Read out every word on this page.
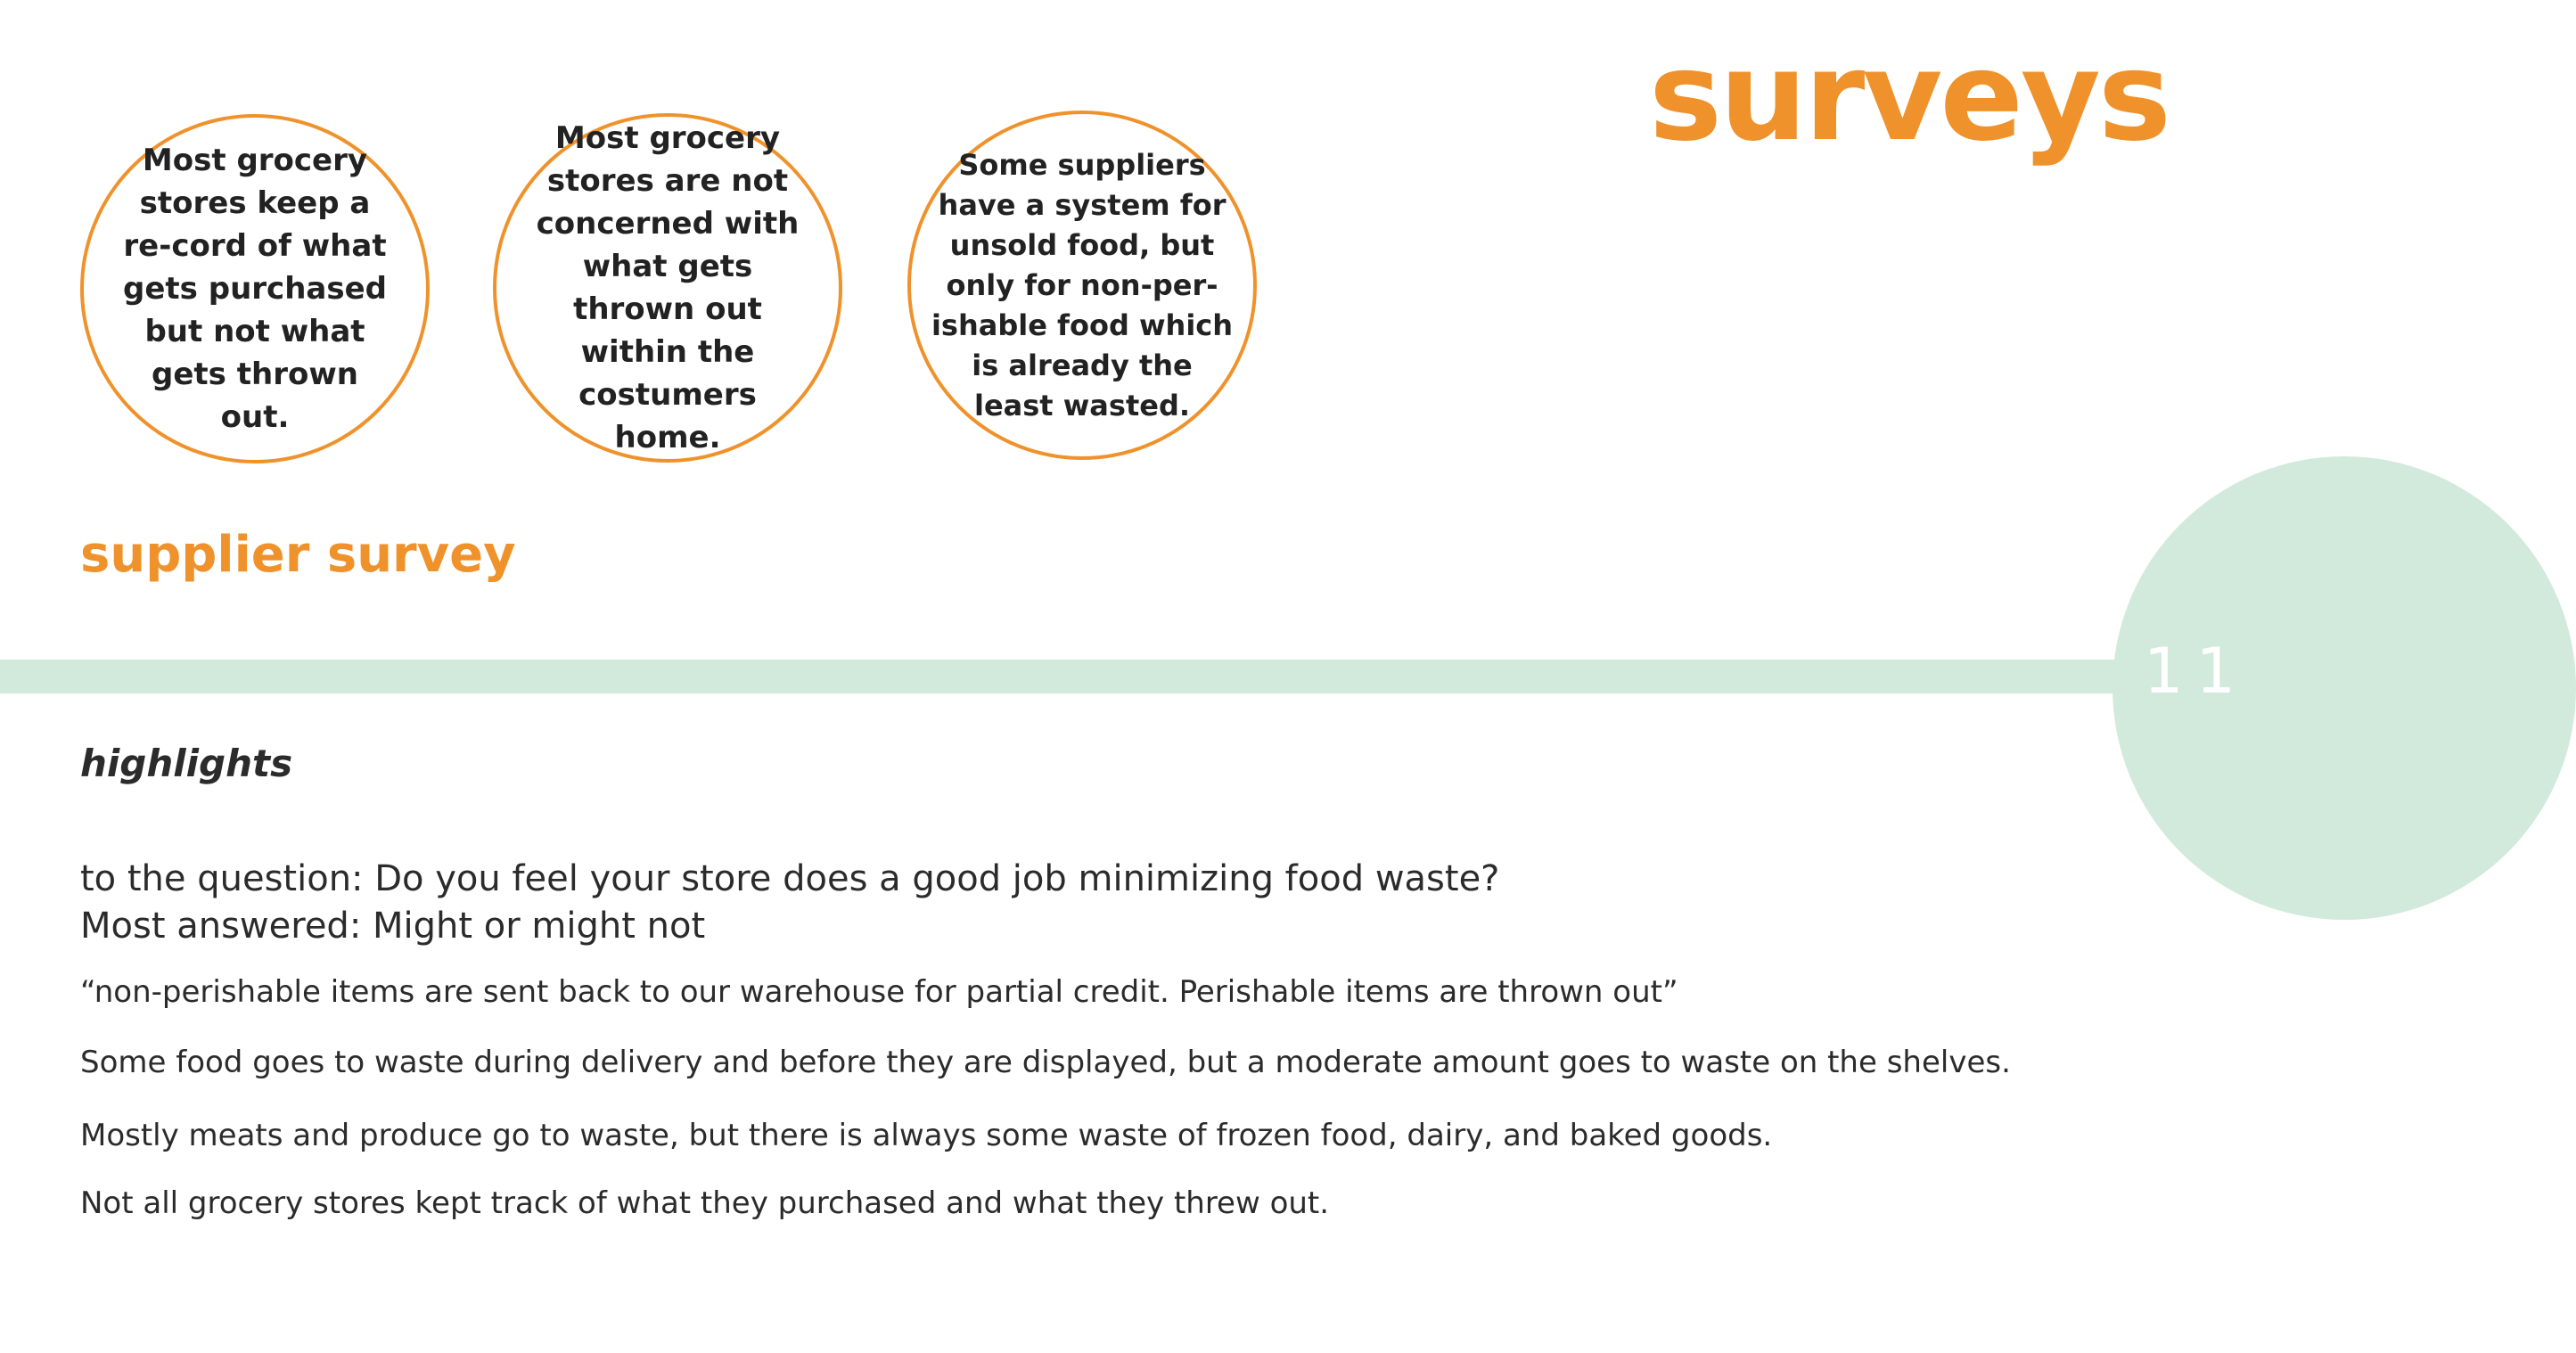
surveys
Most grocery stores keep a re-cord of what gets purchased but not what gets thrown out.
Most grocery stores are not concerned with what gets thrown out within the costumers home.
Some suppliers have a system for unsold food, but only for non-per-ishable food which is already the least wasted.
supplier survey
11
highlights
to the question: Do you feel your store does a good job minimizing food waste?
Most answered: Might or might not

“non-perishable items are sent back to our warehouse for partial credit. Perishable items are thrown out”

Some food goes to waste during delivery and before they are displayed, but a moderate amount goes to waste on the shelves.

Mostly meats and produce go to waste, but there is always some waste of frozen food, dairy, and baked goods.

Not all grocery stores kept track of what they purchased and what they threw out.
